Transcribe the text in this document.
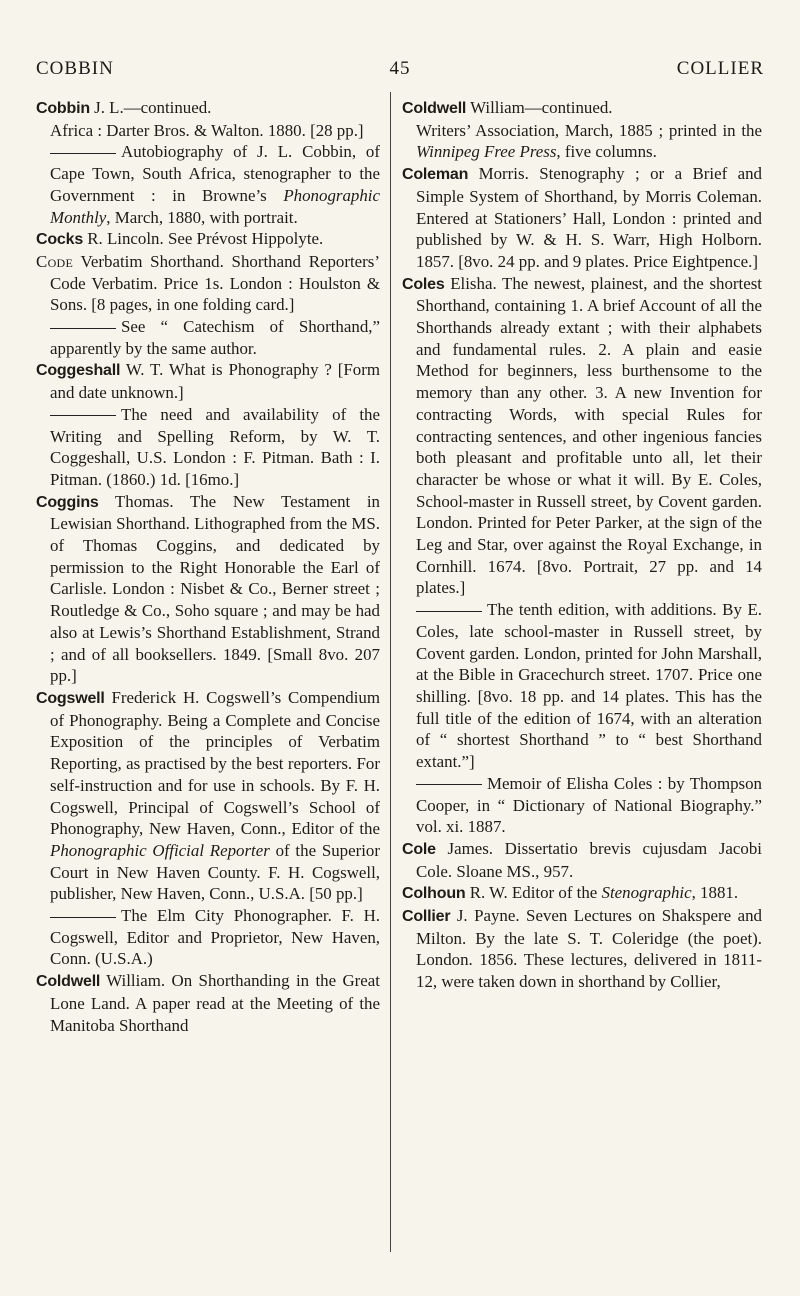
COBBIN	45	COLLIER
Cobbin J. L.—continued.
Africa : Darter Bros. & Walton. 1880. [28 pp.]
Autobiography of J. L. Cobbin, of Cape Town, South Africa, stenographer to the Government : in Browne’s Phonographic Monthly, March, 1880, with portrait.
Cocks R. Lincoln. See Prévost Hippolyte.
Code Verbatim Shorthand. Shorthand Reporters’ Code Verbatim. Price 1s. London : Houlston & Sons. [8 pages, in one folding card.]
See “ Catechism of Shorthand,” apparently by the same author.
Coggeshall W. T. What is Phonography ? [Form and date unknown.]
The need and availability of the Writing and Spelling Reform, by W. T. Coggeshall, U.S. London : F. Pitman. Bath : I. Pitman. (1860.) 1d. [16mo.]
Coggins Thomas. The New Testament in Lewisian Shorthand. Lithographed from the MS. of Thomas Coggins, and dedicated by permission to the Right Honorable the Earl of Carlisle. London : Nisbet & Co., Berner street ; Routledge & Co., Soho square ; and may be had also at Lewis’s Shorthand Establishment, Strand ; and of all booksellers. 1849. [Small 8vo. 207 pp.]
Cogswell Frederick H. Cogswell’s Compendium of Phonography. Being a Complete and Concise Exposition of the principles of Verbatim Reporting, as practised by the best reporters. For self-instruction and for use in schools. By F. H. Cogswell, Principal of Cogswell’s School of Phonography, New Haven, Conn., Editor of the Phonographic Official Reporter of the Superior Court in New Haven County. F. H. Cogswell, publisher, New Haven, Conn., U.S.A. [50 pp.]
The Elm City Phonographer. F. H. Cogswell, Editor and Proprietor, New Haven, Conn. (U.S.A.)
Coldwell William. On Shorthanding in the Great Lone Land. A paper read at the Meeting of the Manitoba Shorthand
Coldwell William—continued.
Writers’ Association, March, 1885 ; printed in the Winnipeg Free Press, five columns.
Coleman Morris. Stenography ; or a Brief and Simple System of Shorthand, by Morris Coleman. Entered at Stationers’ Hall, London : printed and published by W. & H. S. Warr, High Holborn. 1857. [8vo. 24 pp. and 9 plates. Price Eightpence.]
Coles Elisha. The newest, plainest, and the shortest Shorthand, containing 1. A brief Account of all the Shorthands already extant ; with their alphabets and fundamental rules. 2. A plain and easie Method for beginners, less burthensome to the memory than any other. 3. A new Invention for contracting Words, with special Rules for contracting sentences, and other ingenious fancies both pleasant and profitable unto all, let their character be whose or what it will. By E. Coles, School-master in Russell street, by Covent garden. London. Printed for Peter Parker, at the sign of the Leg and Star, over against the Royal Exchange, in Cornhill. 1674. [8vo. Portrait, 27 pp. and 14 plates.]
The tenth edition, with additions. By E. Coles, late school-master in Russell street, by Covent garden. London, printed for John Marshall, at the Bible in Gracechurch street. 1707. Price one shilling. [8vo. 18 pp. and 14 plates. This has the full title of the edition of 1674, with an alteration of “ shortest Shorthand ” to “ best Shorthand extant.”]
Memoir of Elisha Coles : by Thompson Cooper, in “ Dictionary of National Biography.” vol. xi. 1887.
Cole James. Dissertatio brevis cujusdam Jacobi Cole. Sloane MS., 957.
Colhoun R. W. Editor of the Stenographic, 1881.
Collier J. Payne. Seven Lectures on Shakspere and Milton. By the late S. T. Coleridge (the poet). London. 1856. These lectures, delivered in 1811-12, were taken down in shorthand by Collier,
